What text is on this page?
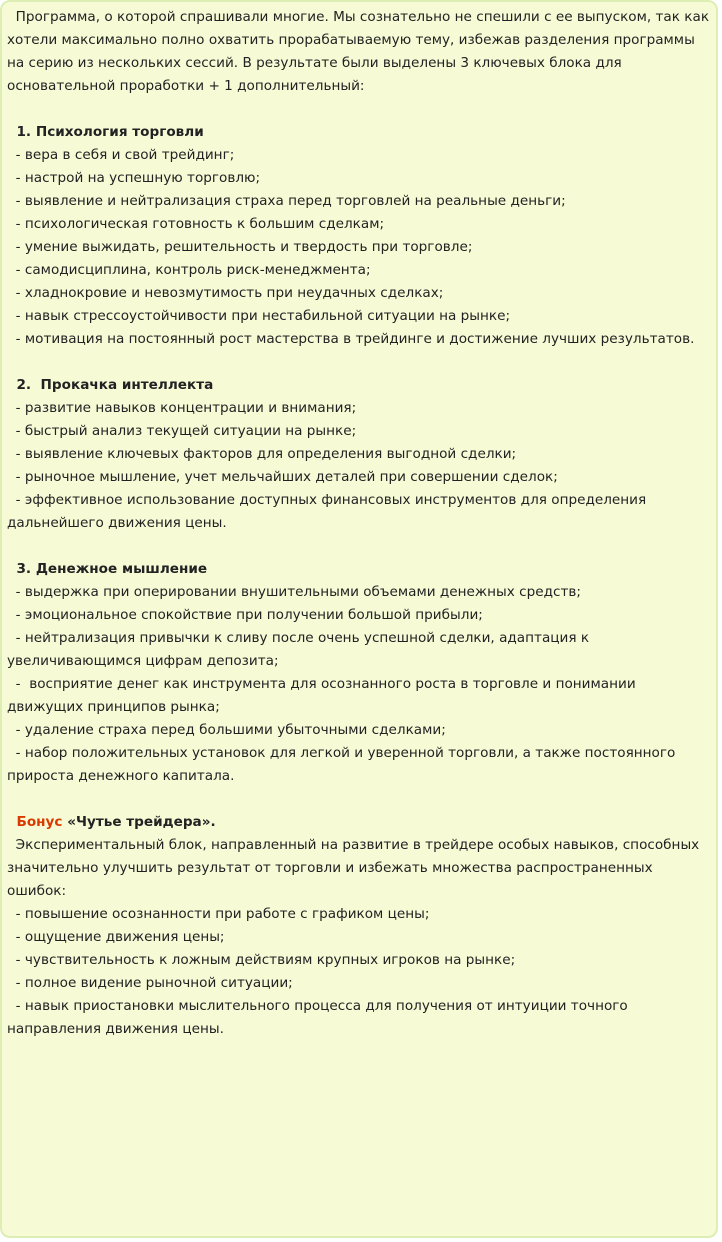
Программа, о которой спрашивали многие. Мы сознательно не спешили с ее выпуском, так как хотели максимально полно охватить прорабатываемую тему, избежав разделения программы на серию из нескольких сессий. В результате были выделены 3 ключевых блока для основательной проработки + 1 дополнительный:

1. Психология торговли

- вера в себя и свой трейдинг;

- настрой на успешную торговлю;

- выявление и нейтрализация страха перед торговлей на реальные деньги;

- психологическая готовность к большим сделкам;

- умение выжидать, решительность и твердость при торговле;

- самодисциплина, контроль риск-менеджмента;

- хладнокровие и невозмутимость при неудачных сделках;

- навык стрессоустойчивости при нестабильной ситуации на рынке;

- мотивация на постоянный рост мастерства в трейдинге и достижение лучших результатов.

2.  Прокачка интеллекта

- развитие навыков концентрации и внимания;

- быстрый анализ текущей ситуации на рынке;

- выявление ключевых факторов для определения выгодной сделки;

- рыночное мышление, учет мельчайших деталей при совершении сделок;

- эффективное использование доступных финансовых инструментов для определения дальнейшего движения цены.

3. Денежное мышление

- выдержка при оперировании внушительными объемами денежных средств;

- эмоциональное спокойствие при получении большой прибыли;

- нейтрализация привычки к сливу после очень успешной сделки, адаптация к увеличивающимся цифрам депозита;

-  восприятие денег как инструмента для осознанного роста в торговле и понимании движущих принципов рынка;

- удаление страха перед большими убыточными сделками;

- набор положительных установок для легкой и уверенной торговли, а также постоянного прироста денежного капитала.

Бонус «Чутье трейдера».

Экспериментальный блок, направленный на развитие в трейдере особых навыков, способных значительно улучшить результат от торговли и избежать множества распространенных ошибок:

- повышение осознанности при работе с графиком цены;

- ощущение движения цены;

- чувствительность к ложным действиям крупных игроков на рынке;

- полное видение рыночной ситуации;

- навык приостановки мыслительного процесса для получения от интуиции точного направления движения цены.
